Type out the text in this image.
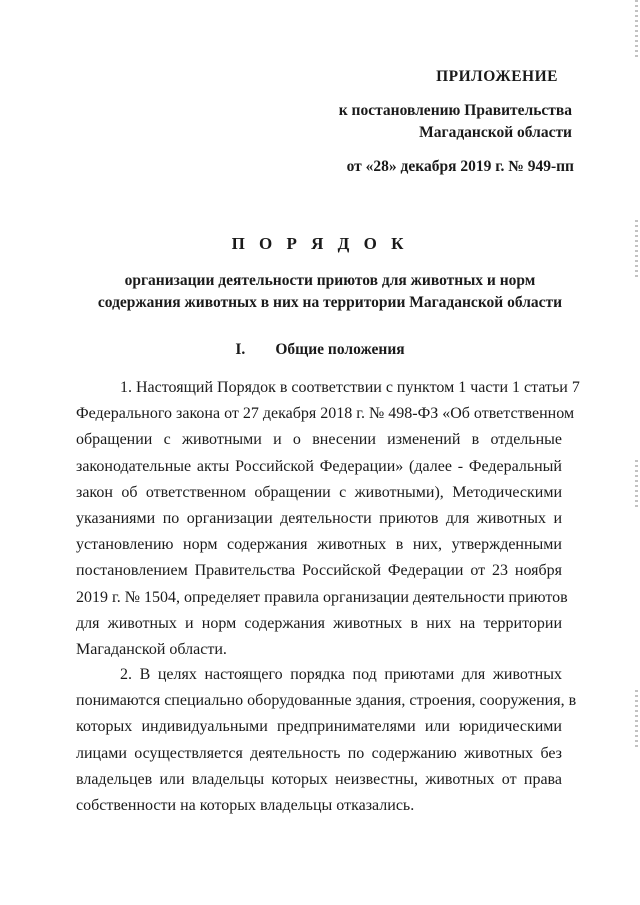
ПРИЛОЖЕНИЕ
к постановлению Правительства
Магаданской области
от «28» декабря 2019 г. № 949-пп
П О Р Я Д О К
организации деятельности приютов для животных и норм
содержания животных в них на территории Магаданской области
I. Общие положения
1. Настоящий Порядок в соответствии с пунктом 1 части 1 статьи 7
Федерального закона от 27 декабря 2018 г. № 498-ФЗ «Об ответственном
обращении с животными и о внесении изменений в отдельные
законодательные акты Российской Федерации» (далее - Федеральный
закон об ответственном обращении с животными), Методическими
указаниями по организации деятельности приютов для животных и
установлению норм содержания животных в них, утвержденными
постановлением Правительства Российской Федерации от 23 ноября
2019 г. № 1504, определяет правила организации деятельности приютов
для животных и норм содержания животных в них на территории
Магаданской области.
2. В целях настоящего порядка под приютами для животных
понимаются специально оборудованные здания, строения, сооружения, в
которых индивидуальными предпринимателями или юридическими
лицами осуществляется деятельность по содержанию животных без
владельцев или владельцы которых неизвестны, животных от права
собственности на которых владельцы отказались.
